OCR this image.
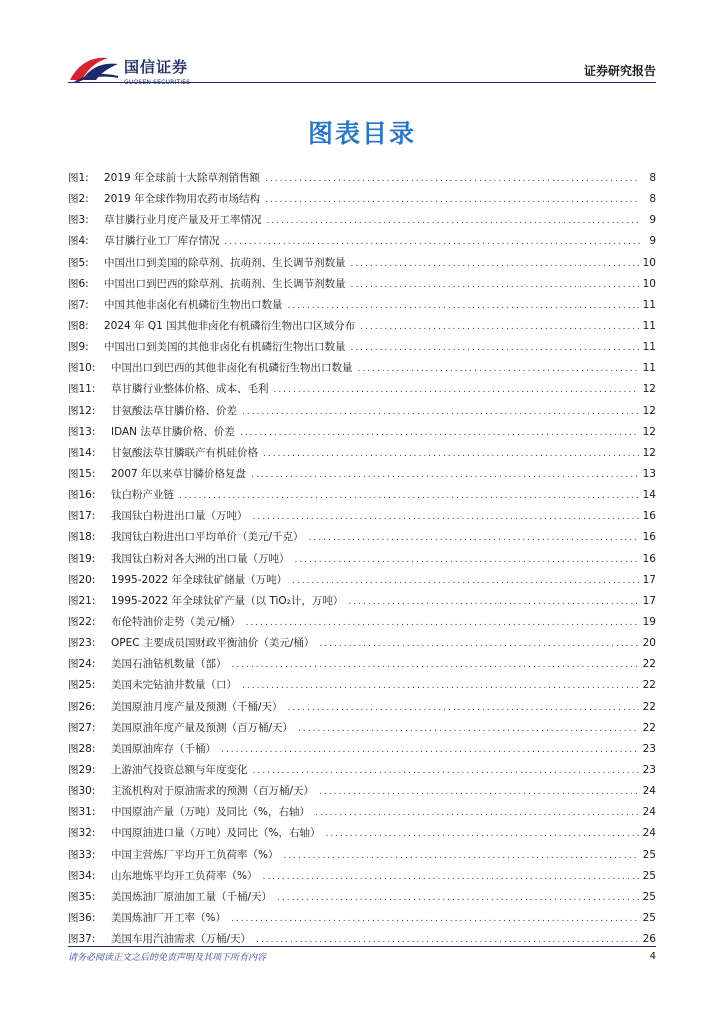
国信证券
GUOSEN SECURITIES
证券研究报告
图表目录
图1:	2019 年全球前十大除草剂销售额 .....	8
图2:	2019 年全球作物用农药市场结构 .....	8
图3:	草甘膦行业月度产量及开工率情况 .....	9
图4:	草甘膦行业工厂库存情况 .....	9
图5:	中国出口到美国的除草剂、抗萌剂、生长调节剂数量 .....	10
图6:	中国出口到巴西的除草剂、抗萌剂、生长调节剂数量 .....	10
图7:	中国其他非卤化有机磷衍生物出口数量 .....	11
图8:	2024 年 Q1 国其他非卤化有机磷衍生物出口区域分布 .....	11
图9:	中国出口到美国的其他非卤化有机磷衍生物出口数量 .....	11
图10:	中国出口到巴西的其他非卤化有机磷衍生物出口数量 .....	11
图11:	草甘膦行业整体价格、成本、毛利 .....	12
图12:	甘氨酸法草甘膦价格、价差 .....	12
图13:	IDAN 法草甘膦价格、价差 .....	12
图14:	甘氨酸法草甘膦联产有机硅价格 .....	12
图15:	2007 年以来草甘膦价格复盘 .....	13
图16:	钛白粉产业链 .....	14
图17:	我国钛白粉进出口量（万吨） .....	16
图18:	我国钛白粉进出口平均单价（美元/千克） .....	16
图19:	我国钛白粉对各大洲的出口量（万吨） .....	16
图20:	1995-2022 年全球钛矿储量（万吨） .....	17
图21:	1995-2022 年全球钛矿产量（以 TiO₂计，万吨） .....	17
图22:	布伦特油价走势（美元/桶） .....	19
图23:	OPEC 主要成员国财政平衡油价（美元/桶） .....	20
图24:	美国石油钻机数量（部） .....	22
图25:	美国未完钻油井数量（口） .....	22
图26:	美国原油月度产量及预测（千桶/天） .....	22
图27:	美国原油年度产量及预测（百万桶/天） .....	22
图28:	美国原油库存（千桶） .....	23
图29:	上游油气投资总额与年度变化 .....	23
图30:	主流机构对于原油需求的预测（百万桶/天） .....	24
图31:	中国原油产量（万吨）及同比（%，右轴） .....	24
图32:	中国原油进口量（万吨）及同比（%，右轴） .....	24
图33:	中国主营炼厂平均开工负荷率（%） .....	25
图34:	山东地炼平均开工负荷率（%） .....	25
图35:	美国炼油厂原油加工量（千桶/天） .....	25
图36:	美国炼油厂开工率（%） .....	25
图37:	美国车用汽油需求（万桶/天） .....	26
请务必阅读正文之后的免责声明及其项下所有内容	4
